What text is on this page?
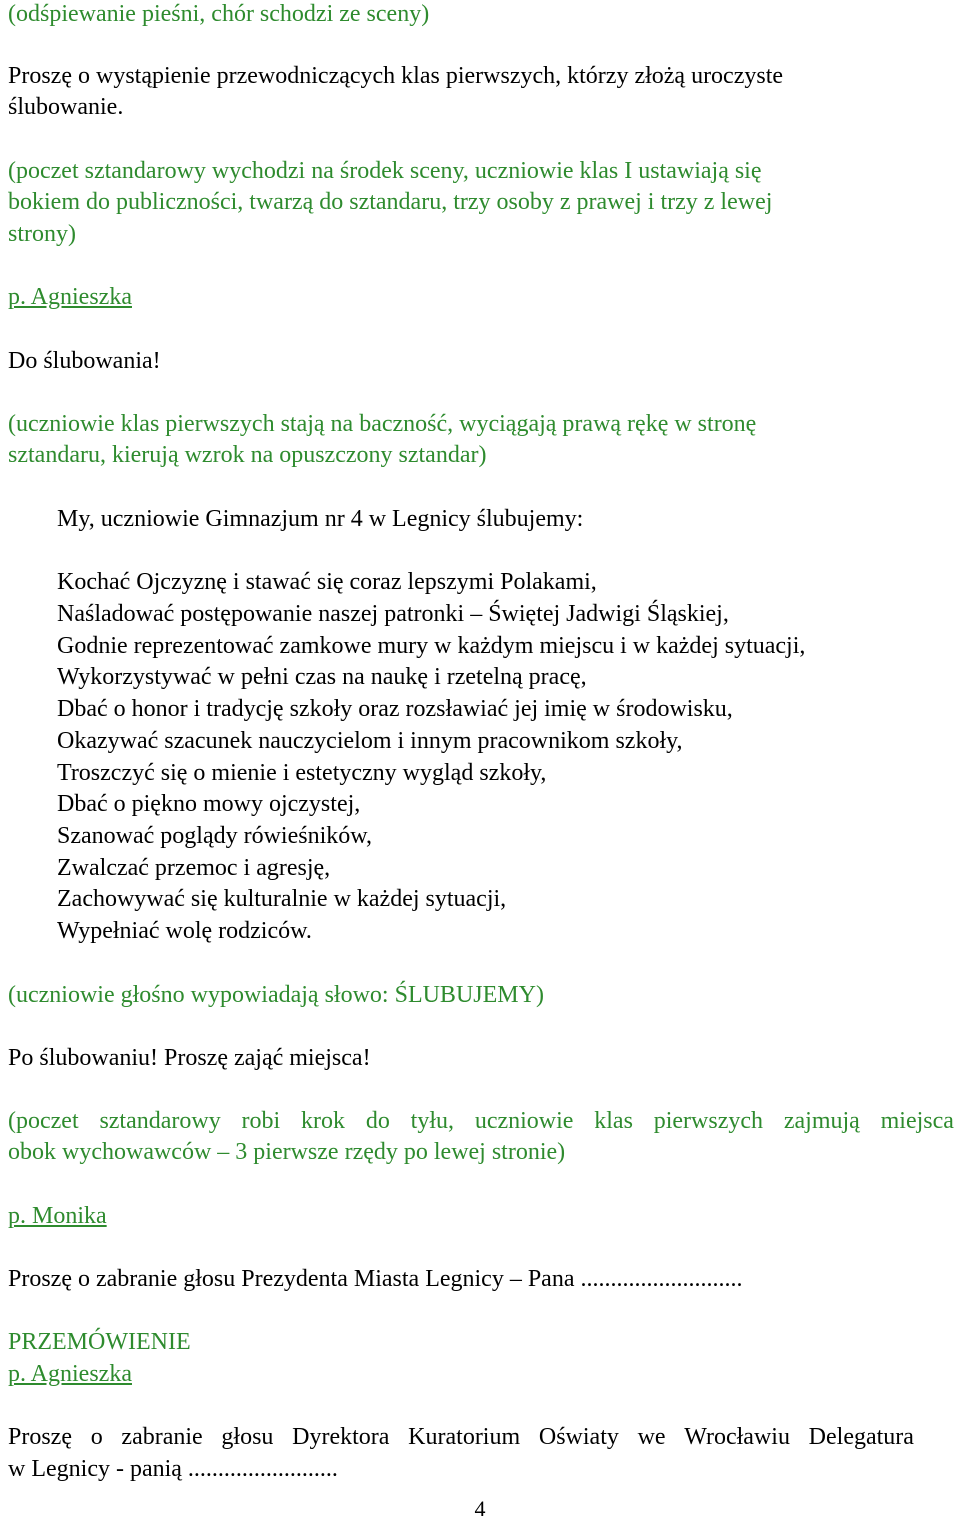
(odśpiewanie pieśni, chór schodzi ze sceny)

Proszę o wystąpienie przewodniczących klas pierwszych, którzy złożą uroczyste

ślubowanie.

(poczet sztandarowy wychodzi na środek sceny, uczniowie klas I ustawiają się

bokiem do publiczności, twarzą do sztandaru, trzy osoby z prawej i trzy z lewej

strony)

p. Agnieszka

Do ślubowania!

(uczniowie klas pierwszych stają na baczność, wyciągają prawą rękę w stronę

sztandaru, kierują wzrok na opuszczony sztandar)

My, uczniowie Gimnazjum nr 4 w Legnicy ślubujemy:

Kochać Ojczyznę i stawać się coraz lepszymi Polakami,

Naśladować postępowanie naszej patronki – Świętej Jadwigi Śląskiej,

Godnie reprezentować zamkowe mury w każdym miejscu i w każdej sytuacji,

Wykorzystywać w pełni czas na naukę i rzetelną pracę,

Dbać o honor i tradycję szkoły oraz rozsławiać jej imię w środowisku,

Okazywać szacunek nauczycielom i innym pracownikom szkoły,

Troszczyć się o mienie i estetyczny wygląd szkoły,

Dbać o piękno mowy ojczystej,

Szanować poglądy rówieśników,

Zwalczać przemoc i agresję,

Zachowywać się kulturalnie w każdej sytuacji,

Wypełniać wolę rodziców.

(uczniowie głośno wypowiadają słowo: ŚLUBUJEMY)

Po ślubowaniu! Proszę zająć miejsca!

(poczet sztandarowy robi krok do tyłu, uczniowie klas pierwszych zajmują miejsca

obok wychowawców – 3 pierwsze rzędy po lewej stronie)

p. Monika

Proszę o zabranie głosu Prezydenta Miasta Legnicy – Pana ...........................

PRZEMÓWIENIE

p. Agnieszka

Proszę o zabranie głosu Dyrektora Kuratorium Oświaty we Wrocławiu Delegatura

w Legnicy - panią .........................

4
